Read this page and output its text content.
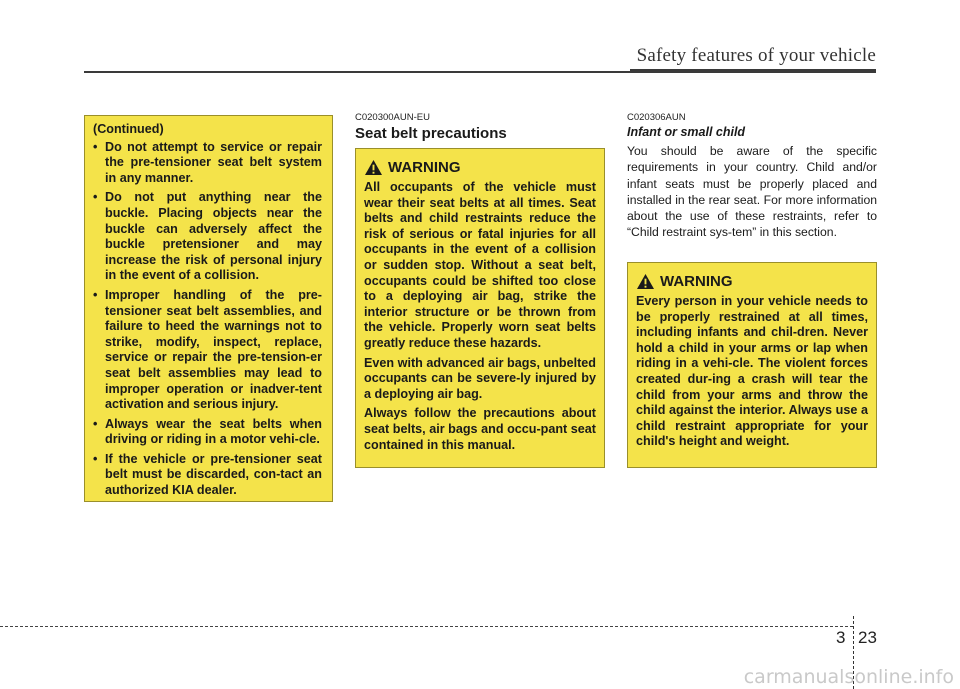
Safety features of your vehicle
(Continued)
• Do not attempt to service or repair the pre-tensioner seat belt system in any manner.
• Do not put anything near the buckle. Placing objects near the buckle can adversely affect the buckle pretensioner and may increase the risk of personal injury in the event of a collision.
• Improper handling of the pre-tensioner seat belt assemblies, and failure to heed the warnings not to strike, modify, inspect, replace, service or repair the pre-tension-er seat belt assemblies may lead to improper operation or inadver-tent activation and serious injury.
• Always wear the seat belts when driving or riding in a motor vehi-cle.
• If the vehicle or pre-tensioner seat belt must be discarded, con-tact an authorized KIA dealer.
C020300AUN-EU
Seat belt precautions
WARNING

All occupants of the vehicle must wear their seat belts at all times. Seat belts and child restraints reduce the risk of serious or fatal injuries for all occupants in the event of a collision or sudden stop. Without a seat belt, occupants could be shifted too close to a deploying air bag, strike the interior structure or be thrown from the vehicle. Properly worn seat belts greatly reduce these hazards.

Even with advanced air bags, unbelted occupants can be severe-ly injured by a deploying air bag.

Always follow the precautions about seat belts, air bags and occu-pant seat contained in this manual.

C020306AUN
Infant or small child
You should be aware of the specific requirements in your country. Child and/or infant seats must be properly placed and installed in the rear seat. For more information about the use of these restraints, refer to “Child restraint sys-tem” in this section.
WARNING

Every person in your vehicle needs to be properly restrained at all times, including infants and chil-dren. Never hold a child in your arms or lap when riding in a vehi-cle. The violent forces created dur-ing a crash will tear the child from your arms and throw the child against the interior. Always use a child restraint appropriate for your child's height and weight.

3 23
carmanualsonline.info
